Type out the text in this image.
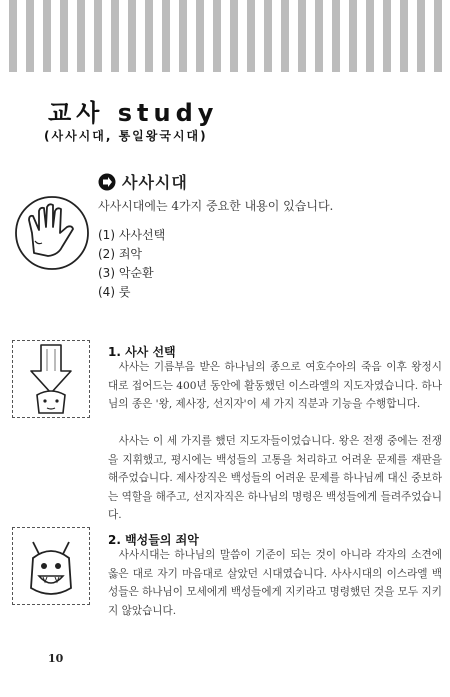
교사 study
(사사시대, 통일왕국시대)
사사시대
사사시대에는 4가지 중요한 내용이 있습니다.
(1) 사사선택
(2) 죄악
(3) 악순환
(4) 룻
1. 사사 선택

사사는 기름부음 받은 하나님의 종으로 여호수아의 죽음 이후 왕정시대로 접어드는 400년 동안에 활동했던 이스라엘의 지도자였습니다. 하나님의 종은 '왕, 제사장, 선지자'이 세 가지 직분과 기능을 수행합니다.

사사는 이 세 가지를 했던 지도자들이었습니다. 왕은 전쟁 중에는 전쟁을 지휘했고, 평시에는 백성들의 고통을 처리하고 어려운 문제를 재판을 해주었습니다. 제사장직은 백성들의 어려운 문제를 하나님께 대신 중보하는 역할을 해주고, 선지자직은 하나님의 명령은 백성들에게 들려주었습니다.

2. 백성들의 죄악

사사시대는 하나님의 말씀이 기준이 되는 것이 아니라 각자의 소견에 옳은 대로 자기 마음대로 살았던 시대였습니다. 사사시대의 이스라엘 백성들은 하나님이 모세에게 백성들에게 지키라고 명령했던 것을 모두 지키지 않았습니다.

10
